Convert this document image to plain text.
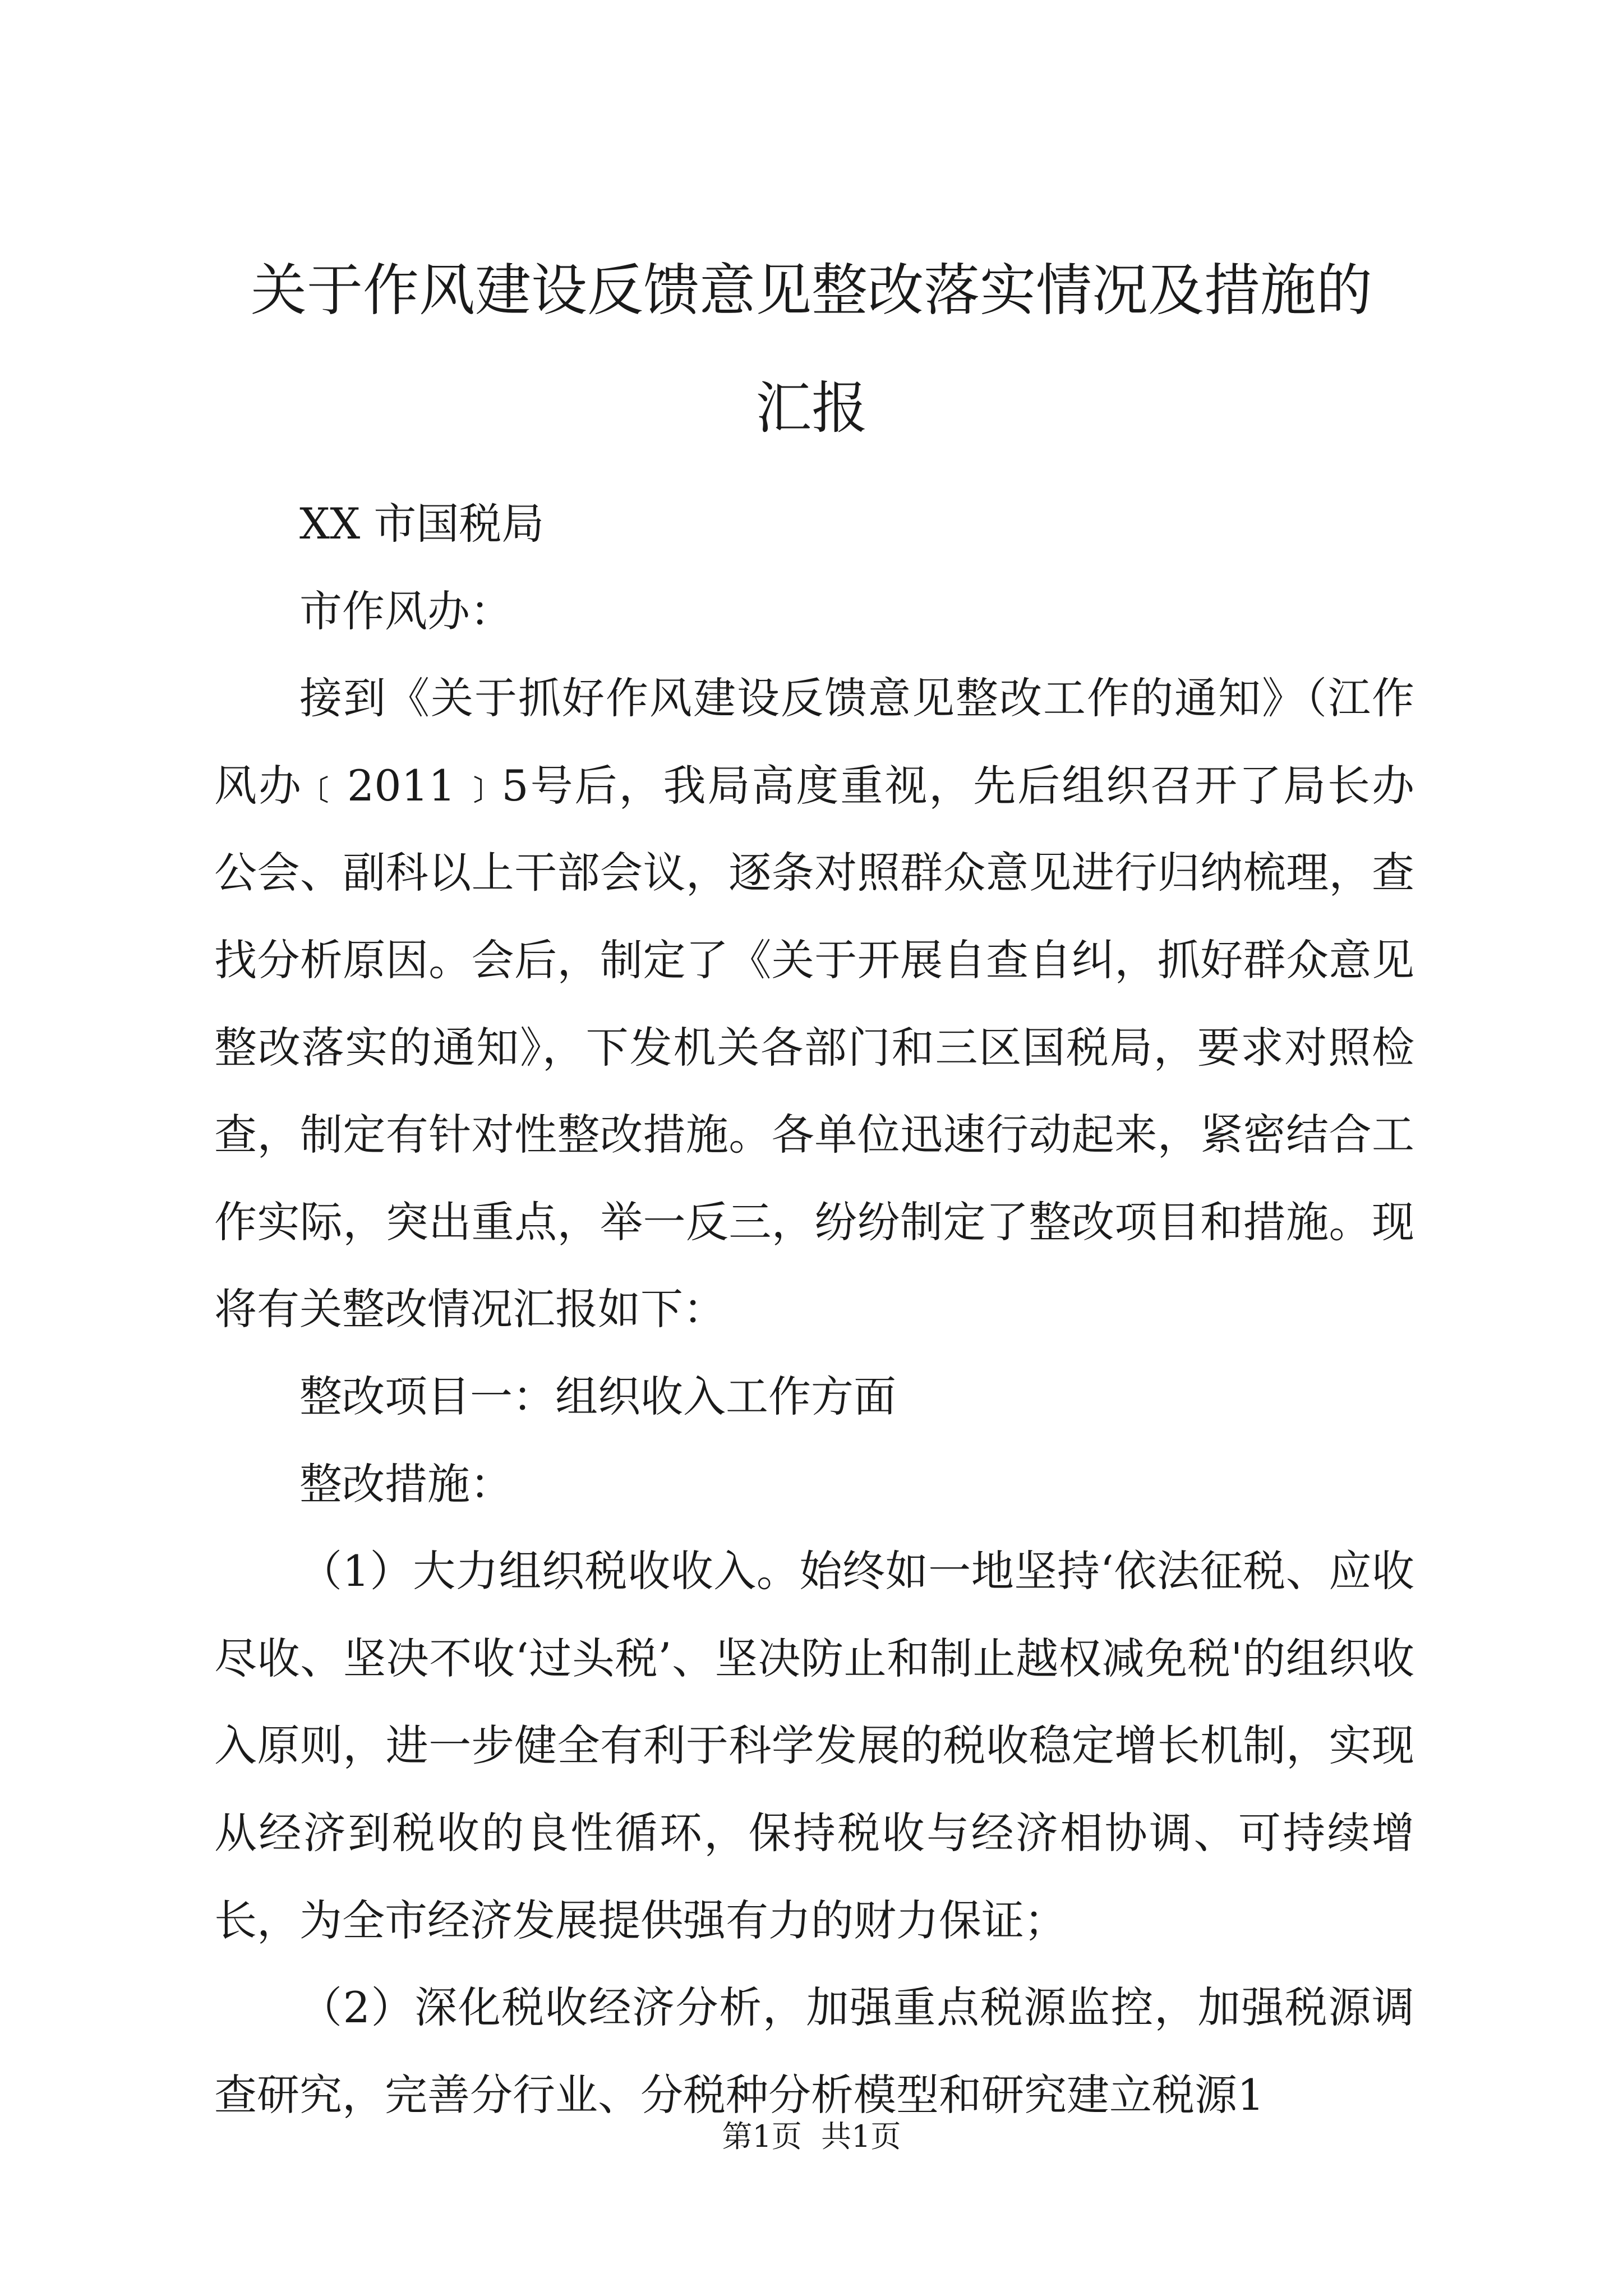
关于作风建设反馈意见整改落实情况及措施的
汇报

XX 市国税局

市作风办：

接到《关于抓好作风建设反馈意见整改工作的通知》（江作风办﹝2011﹞5号后，我局高度重视，先后组织召开了局长办公会、副科以上干部会议，逐条对照群众意见进行归纳梳理，查找分析原因。会后，制定了《关于开展自查自纠，抓好群众意见整改落实的通知》，下发机关各部门和三区国税局，要求对照检查，制定有针对性整改措施。各单位迅速行动起来，紧密结合工作实际，突出重点，举一反三，纷纷制定了整改项目和措施。现将有关整改情况汇报如下：

整改项目一：组织收入工作方面

整改措施：

（1）大力组织税收收入。始终如一地坚持‘依法征税、应收尽收、坚决不收‘过头税’、坚决防止和制止越权减免税'的组织收入原则，进一步健全有利于科学发展的税收稳定增长机制，实现从经济到税收的良性循环，保持税收与经济相协调、可持续增长，为全市经济发展提供强有力的财力保证；

（2）深化税收经济分析，加强重点税源监控，加强税源调查研究，完善分行业、分税种分析模型和研究建立税源1

第1页  共1页
